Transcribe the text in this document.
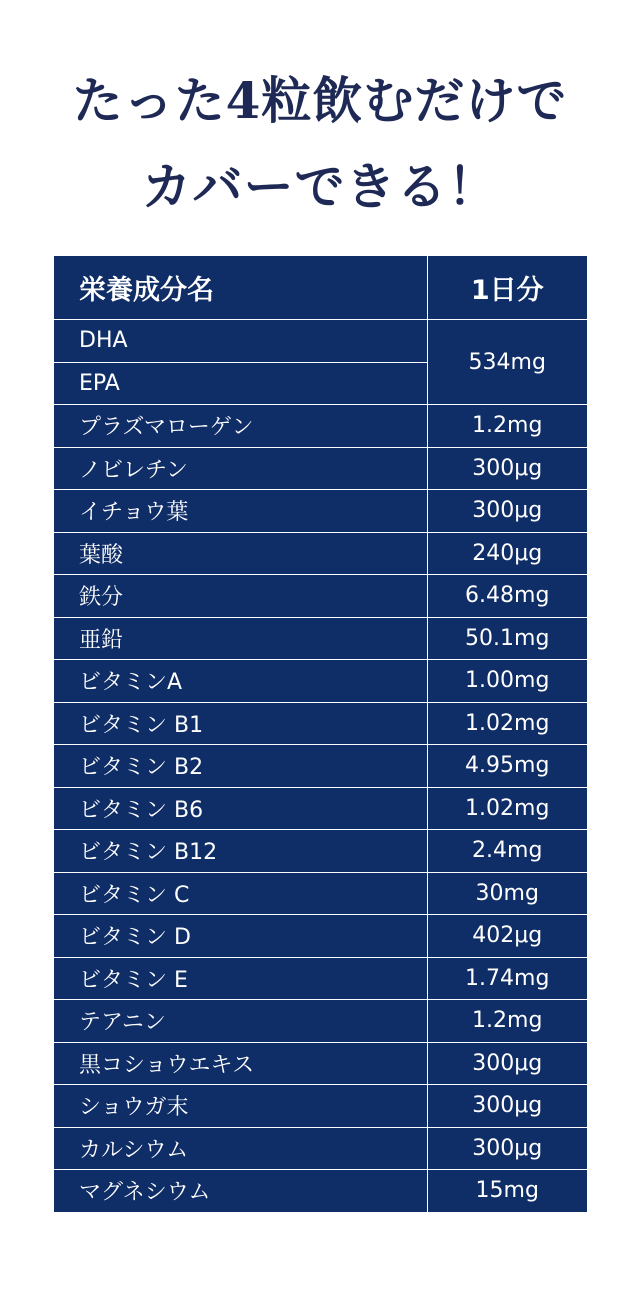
たった4粒飲むだけで
カバーできる！
栄養成分名	1日分
DHA	534mg
EPA	
プラズマローゲン	1.2mg
ノビレチン	300μg
イチョウ葉	300μg
葉酸	240μg
鉄分	6.48mg
亜鉛	50.1mg
ビタミンA	1.00mg
ビタミン B1	1.02mg
ビタミン B2	4.95mg
ビタミン B6	1.02mg
ビタミン B12	2.4mg
ビタミン C	30mg
ビタミン D	402μg
ビタミン E	1.74mg
テアニン	1.2mg
黒コショウエキス	300μg
ショウガ末	300μg
カルシウム	300μg
マグネシウム	15mg
